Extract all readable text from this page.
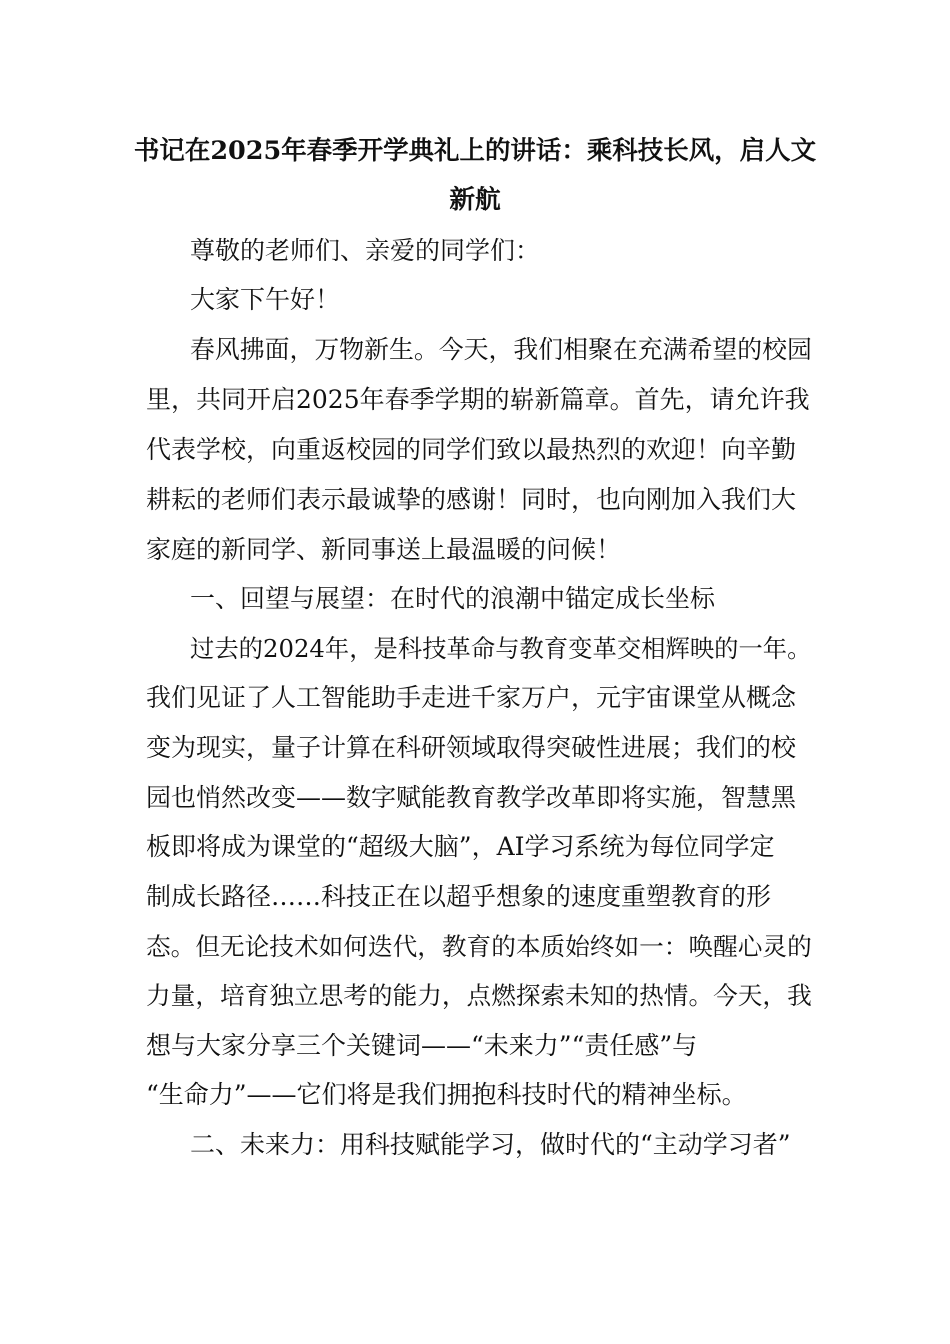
书记在2025年春季开学典礼上的讲话：乘科技长风，启人文
新航
尊敬的老师们、亲爱的同学们：
大家下午好！
春风拂面，万物新生。今天，我们相聚在充满希望的校园
里，共同开启2025年春季学期的崭新篇章。首先，请允许我
代表学校，向重返校园的同学们致以最热烈的欢迎！向辛勤
耕耘的老师们表示最诚挚的感谢！同时，也向刚加入我们大
家庭的新同学、新同事送上最温暖的问候！
一、回望与展望：在时代的浪潮中锚定成长坐标
过去的2024年，是科技革命与教育变革交相辉映的一年。
我们见证了人工智能助手走进千家万户，元宇宙课堂从概念
变为现实，量子计算在科研领域取得突破性进展；我们的校
园也悄然改变——数字赋能教育教学改革即将实施，智慧黑
板即将成为课堂的“超级大脑”，AI学习系统为每位同学定
制成长路径……科技正在以超乎想象的速度重塑教育的形
态。但无论技术如何迭代，教育的本质始终如一：唤醒心灵的
力量，培育独立思考的能力，点燃探索未知的热情。今天，我
想与大家分享三个关键词——“未来力”“责任感”与
“生命力”——它们将是我们拥抱科技时代的精神坐标。
二、未来力：用科技赋能学习，做时代的“主动学习者”
